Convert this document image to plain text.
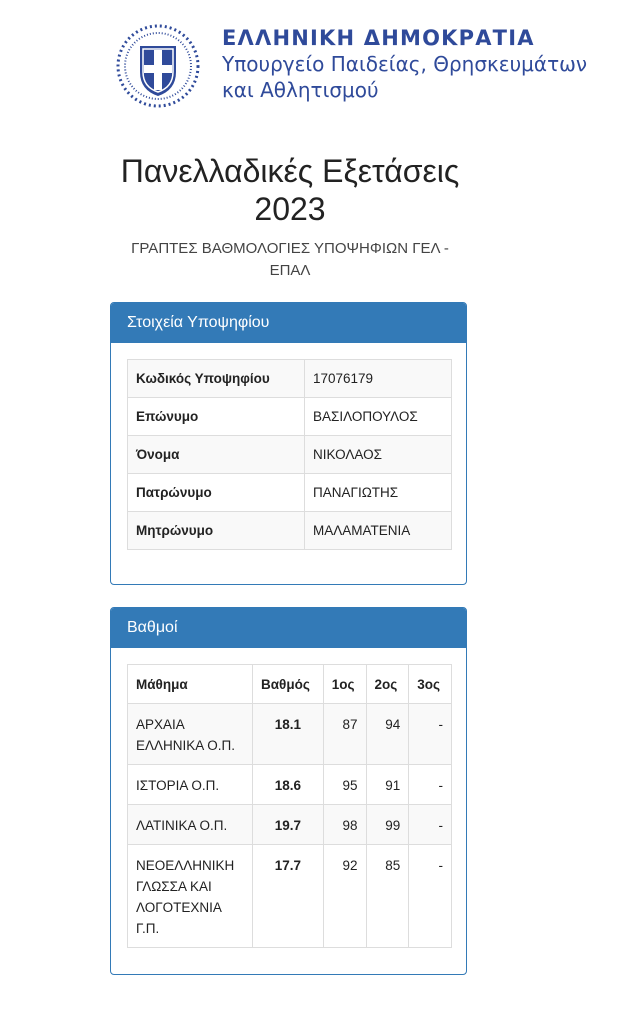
ΕΛΛΗΝΙΚΗ ΔΗΜΟΚΡΑΤΙΑ
Υπουργείο Παιδείας, Θρησκευμάτων
και Αθλητισμού
Πανελλαδικές Εξετάσεις
2023
ΓΡΑΠΤΕΣ ΒΑΘΜΟΛΟΓΙΕΣ ΥΠΟΨΗΦΙΩΝ ΓΕΛ -
ΕΠΑΛ
Στοιχεία Υποψηφίου
Κωδικός Υποψηφίου	17076179
Επώνυμο	ΒΑΣΙΛΟΠΟΥΛΟΣ
Όνομα	ΝΙΚΟΛΑΟΣ
Πατρώνυμο	ΠΑΝΑΓΙΩΤΗΣ
Μητρώνυμο	ΜΑΛΑΜΑΤΕΝΙΑ
Βαθμοί
Μάθημα	Βαθμός	1ος	2ος	3ος

ΑΡΧΑΙΑ
ΕΛΛΗΝΙΚΑ Ο.Π.	18.1	87	94	-

ΙΣΤΟΡΙΑ Ο.Π.	18.6	95	91	-

ΛΑΤΙΝΙΚΑ Ο.Π.	19.7	98	99	-

ΝΕΟΕΛΛΗΝΙΚΗ
ΓΛΩΣΣΑ ΚΑΙ
ΛΟΓΟΤΕΧΝΙΑ
Γ.Π.	17.7	92	85	-
